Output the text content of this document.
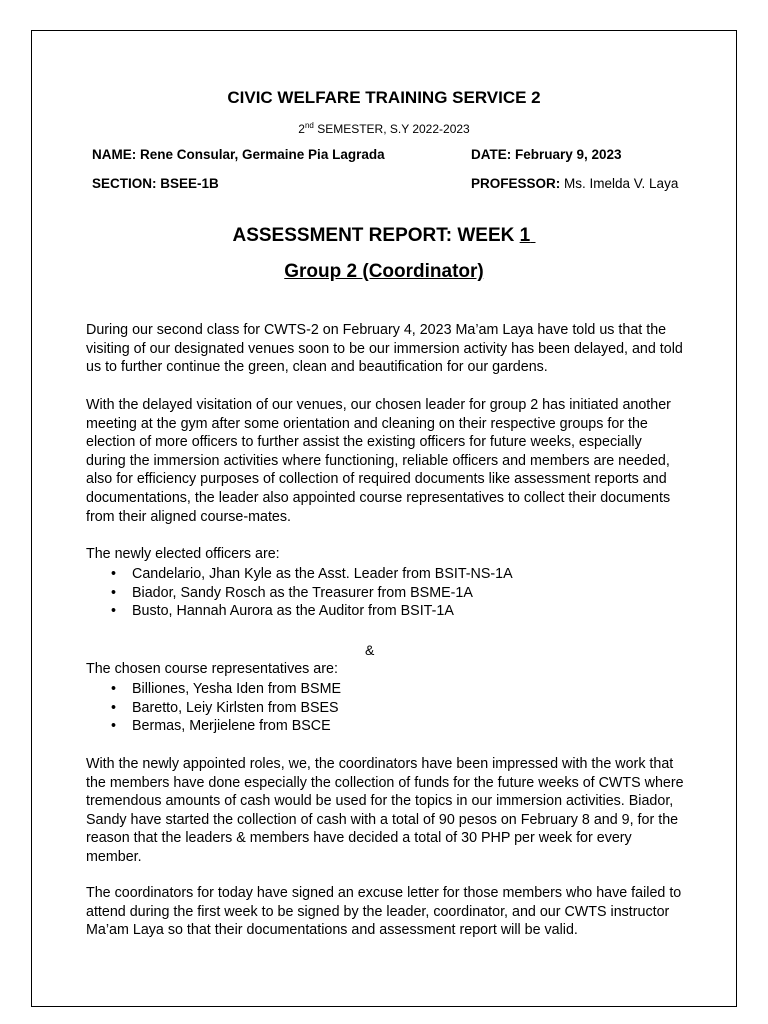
CIVIC WELFARE TRAINING SERVICE 2
2nd SEMESTER, S.Y 2022-2023
NAME: Rene Consular, Germaine Pia Lagrada	DATE: February 9, 2023
SECTION: BSEE-1B	PROFESSOR: Ms. Imelda V. Laya
ASSESSMENT REPORT: WEEK 1
Group 2 (Coordinator)

During our second class for CWTS-2 on February 4, 2023 Ma’am Laya have told us that the visiting of our designated venues soon to be our immersion activity has been delayed, and told us to further continue the green, clean and beautification for our gardens.

With the delayed visitation of our venues, our chosen leader for group 2 has initiated another meeting at the gym after some orientation and cleaning on their respective groups for the election of more officers to further assist the existing officers for future weeks, especially during the immersion activities where functioning, reliable officers and members are needed, also for efficiency purposes of collection of required documents like assessment reports and documentations, the leader also appointed course representatives to collect their documents from their aligned course-mates.

The newly elected officers are:

• Candelario, Jhan Kyle as the Asst. Leader from BSIT-NS-1A
• Biador, Sandy Rosch as the Treasurer from BSME-1A
• Busto, Hannah Aurora as the Auditor from BSIT-1A
&

The chosen course representatives are:

• Billiones, Yesha Iden from BSME
• Baretto, Leiy Kirlsten from BSES
• Bermas, Merjielene from BSCE

With the newly appointed roles, we, the coordinators have been impressed with the work that the members have done especially the collection of funds for the future weeks of CWTS where tremendous amounts of cash would be used for the topics in our immersion activities. Biador, Sandy have started the collection of cash with a total of 90 pesos on February 8 and 9, for the reason that the leaders & members have decided a total of 30 PHP per week for every member.

The coordinators for today have signed an excuse letter for those members who have failed to attend during the first week to be signed by the leader, coordinator, and our CWTS instructor Ma’am Laya so that their documentations and assessment report will be valid.
